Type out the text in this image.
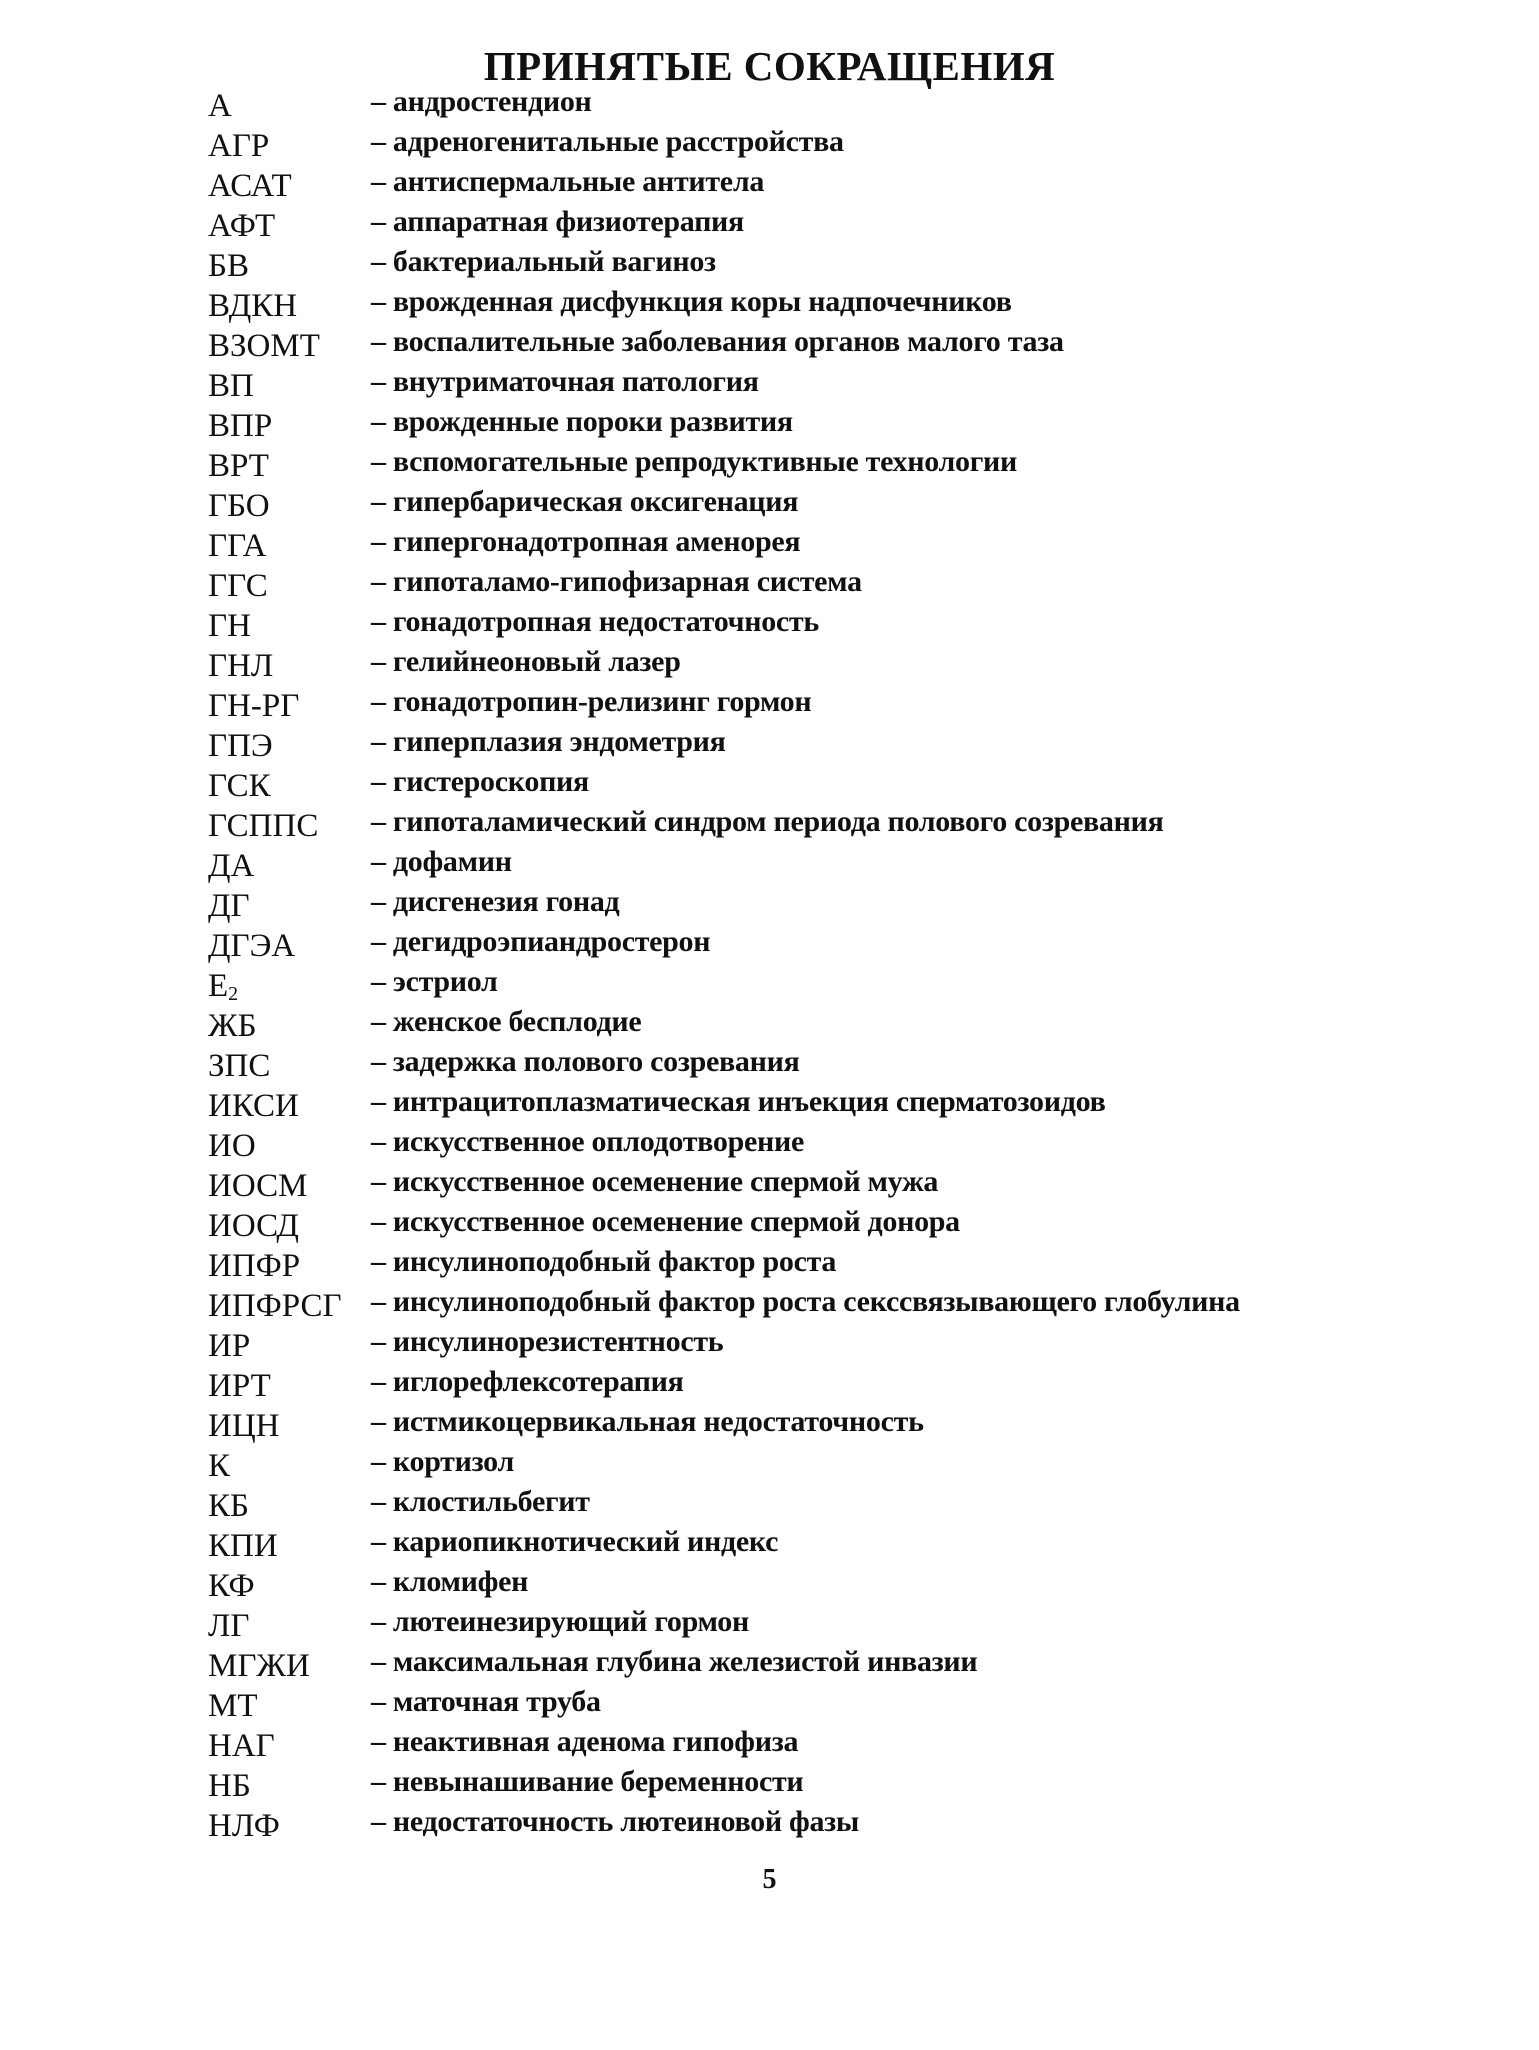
ПРИНЯТЫЕ СОКРАЩЕНИЯ
А	– андростендион
АГР	– адреногенитальные расстройства
АСАТ	– антиспермальные антитела
АФТ	– аппаратная физиотерапия
БВ	– бактериальный вагиноз
ВДКН – врожденная дисфункция коры надпочечников
ВЗОМТ – воспалительные заболевания органов малого таза
ВП	– внутриматочная патология
ВПР	– врожденные пороки развития
ВРТ	– вспомогательные репродуктивные технологии
ГБО	– гипербарическая оксигенация
ГГА	– гипергонадотропная аменорея
ГГС	– гипоталамо-гипофизарная система
ГН	– гонадотропная недостаточность
ГНЛ	– гелийнеоновый лазер
ГН-РГ – гонадотропин-релизинг гормон
ГПЭ	– гиперплазия эндометрия
ГСК	– гистероскопия
ГСППС – гипоталамический синдром периода полового созревания
ДА	– дофамин
ДГ	– дисгенезия гонад
ДГЭА	– дегидроэпиандростерон
$E_2$	– эстриол
ЖБ	– женское бесплодие
ЗПС	– задержка полового созревания
ИКСИ – интрацитоплазматическая инъекция сперматозоидов
ИО	– искусственное оплодотворение
ИОСМ – искусственное осеменение спермой мужа
ИОСД – искусственное осеменение спермой донора
ИПФР – инсулиноподобный фактор роста
ИПФРСГ – инсулиноподобный фактор роста сексcвязывающего глобулина
ИР	– инсулинорезистентность
ИРТ	– иглорефлексотерапия
ИЦН	– истмикоцервикальная недостаточность
К	– кортизол
КБ	– клостильбегит
КПИ	– кариопикнотический индекс
КФ	– кломифен
ЛГ	– лютеинезирующий гормон
МГЖИ – максимальная глубина железистой инвазии
МТ	– маточная труба
НАГ	– неактивная аденома гипофиза
НБ	– невынашивание беременности
НЛФ	– недостаточность лютеиновой фазы
5
